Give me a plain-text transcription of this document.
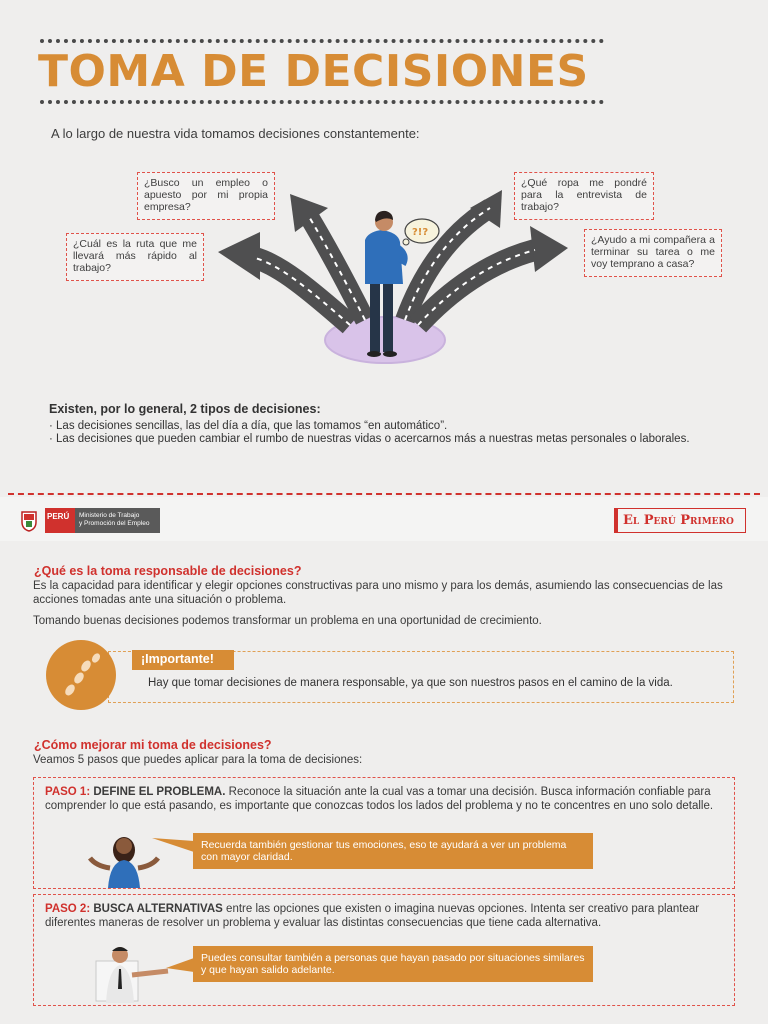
TOMA DE DECISIONES
A lo largo de nuestra vida tomamos decisiones constantemente:
?!?
¿Busco un empleo o apuesto por mi propia empresa?
¿Cuál es la ruta que me llevará más rápido al trabajo?
¿Qué ropa me pondré para la entrevista de trabajo?
¿Ayudo a mi compañera a terminar su tarea o me voy temprano a casa?
Existen, por lo general, 2 tipos de decisiones:
· Las decisiones sencillas, las del día a día, que las tomamos “en automático”.
· Las decisiones que pueden cambiar el rumbo de nuestras vidas o acercarnos más a nuestras metas personales o laborales.
PERÚ	Ministerio de Trabajo
y Promoción del Empleo	El Perú Primero
¿Qué es la toma responsable de decisiones?
Es la capacidad para identificar y elegir opciones constructivas para uno mismo y para los demás, asumiendo las consecuencias de las acciones tomadas ante una situación o problema.
Tomando buenas decisiones podemos transformar un problema en una oportunidad de crecimiento.
¡Importante!
Hay que tomar decisiones de manera responsable, ya que son nuestros pasos en el camino de la vida.
¿Cómo mejorar mi toma de decisiones?
Veamos 5 pasos que puedes aplicar para la toma de decisiones:
PASO 1: DEFINE EL PROBLEMA. Reconoce la situación ante la cual vas a tomar una decisión. Busca información confiable para comprender lo que está pasando, es importante que conozcas todos los lados del problema y no te concentres en uno solo detalle.
Recuerda también gestionar tus emociones, eso te ayudará a ver un problema con mayor claridad.
PASO 2: BUSCA ALTERNATIVAS entre las opciones que existen o imagina nuevas opciones. Intenta ser creativo para plantear diferentes maneras de resolver un problema y evaluar las distintas consecuencias que tiene cada alternativa.
Puedes consultar también a personas que hayan pasado por situaciones similares y que hayan salido adelante.
